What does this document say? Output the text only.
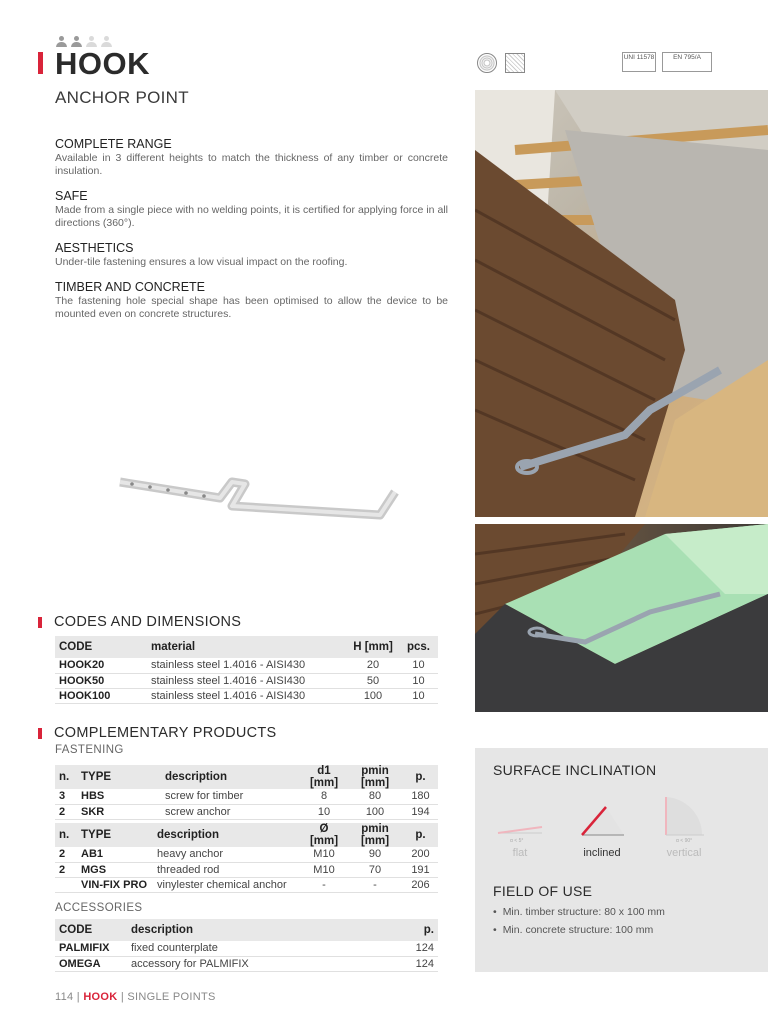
HOOK
ANCHOR POINT
COMPLETE RANGE

Available in 3 different heights to match the thickness of any timber or concrete insulation.

SAFE

Made from a single piece with no welding points, it is certified for applying force in all directions (360°).

AESTHETICS

Under-tile fastening ensures a low visual impact on the roofing.

TIMBER AND CONCRETE

The fastening hole special shape has been optimised to allow the device to be mounted even on concrete structures.

UNI 11578	EN 795/A
CODES AND DIMENSIONS
CODE	material	H [mm]	pcs.
HOOK20	stainless steel 1.4016 - AISI430	20	10
HOOK50	stainless steel 1.4016 - AISI430	50	10
HOOK100	stainless steel 1.4016 - AISI430	100	10
COMPLEMENTARY PRODUCTS
FASTENING
n.	TYPE	description	d1 [mm]	pmin [mm]	p.
3	HBS	screw for timber	8	80	180
2	SKR	screw anchor	10	100	194
n.	TYPE	description	Ø [mm]	pmin [mm]	p.
2	AB1	heavy anchor	M10	90	200
2	MGS	threaded rod	M10	70	191
	VIN-FIX PRO	vinylester chemical anchor	-	-	206
ACCESSORIES
CODE	description	p.
PALMIFIX	fixed counterplate	124
OMEGA	accessory for PALMIFIX	124
SURFACE INCLINATION
FIELD OF USE
α < 5°
flat	inclined
α < 90°
vertical
• Min. timber structure: 80 x 100 mm
• Min. concrete structure: 100 mm
114 | HOOK | SINGLE POINTS
